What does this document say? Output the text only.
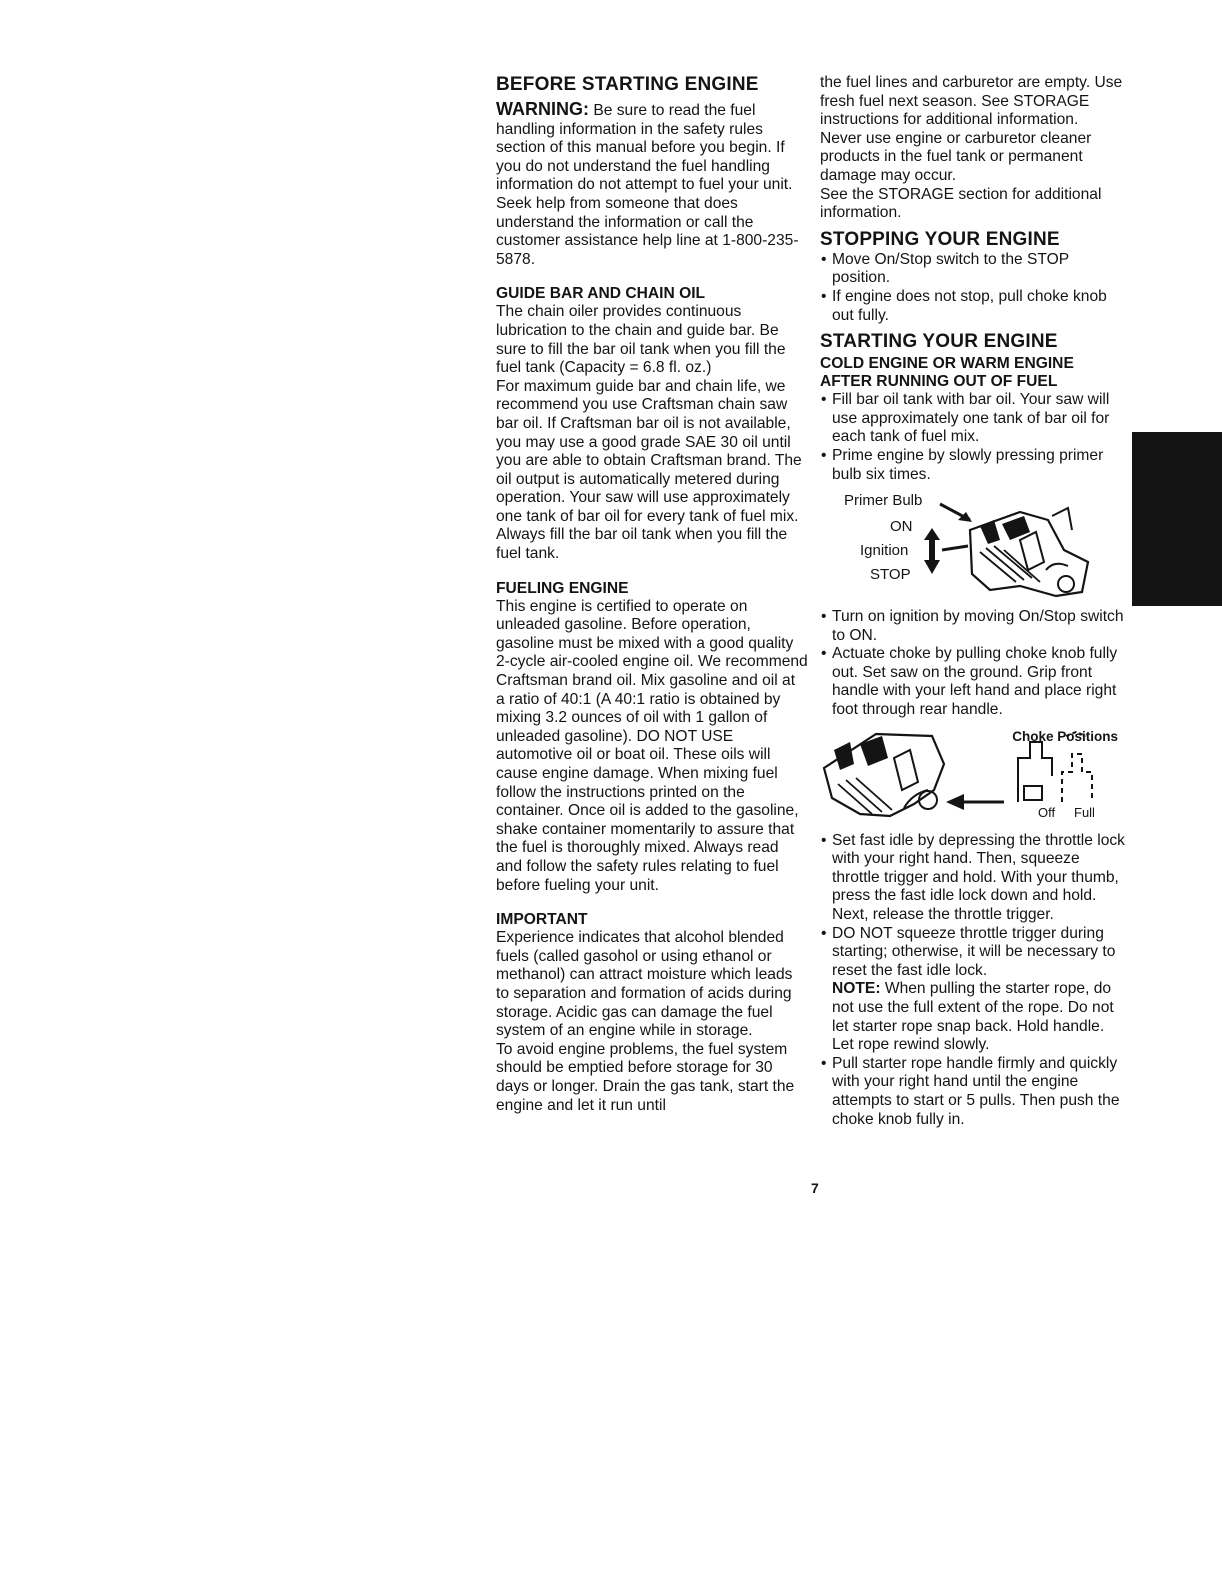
BEFORE STARTING ENGINE

WARNING: Be sure to read the fuel handling information in the safety rules section of this manual before you begin. If you do not understand the fuel handling information do not attempt to fuel your unit. Seek help from someone that does understand the information or call the customer assistance help line at 1-800-235-5878.

GUIDE BAR AND CHAIN OIL

The chain oiler provides continuous lubrication to the chain and guide bar. Be sure to fill the bar oil tank when you fill the fuel tank (Capacity = 6.8 fl. oz.)

For maximum guide bar and chain life, we recommend you use Craftsman chain saw bar oil. If Craftsman bar oil is not available, you may use a good grade SAE 30 oil until you are able to obtain Craftsman brand. The oil output is automatically metered during operation. Your saw will use approximately one tank of bar oil for every tank of fuel mix. Always fill the bar oil tank when you fill the fuel tank.

FUELING ENGINE

This engine is certified to operate on unleaded gasoline. Before operation, gasoline must be mixed with a good quality 2-cycle air-cooled engine oil. We recommend Craftsman brand oil. Mix gasoline and oil at a ratio of 40:1 (A 40:1 ratio is obtained by mixing 3.2 ounces of oil with 1 gallon of unleaded gasoline). DO NOT USE automotive oil or boat oil. These oils will cause engine damage. When mixing fuel follow the instructions printed on the container. Once oil is added to the gasoline, shake container momentarily to assure that the fuel is thoroughly mixed. Always read and follow the safety rules relating to fuel before fueling your unit.

IMPORTANT

Experience indicates that alcohol blended fuels (called gasohol or using ethanol or methanol) can attract moisture which leads to separation and formation of acids during storage. Acidic gas can damage the fuel system of an engine while in storage.

To avoid engine problems, the fuel system should be emptied before storage for 30 days or longer. Drain the gas tank, start the engine and let it run until

the fuel lines and carburetor are empty. Use fresh fuel next season. See STORAGE instructions for additional information.

Never use engine or carburetor cleaner products in the fuel tank or permanent damage may occur.

See the STORAGE section for additional information.

STOPPING YOUR ENGINE
• Move On/Stop switch to the STOP position.
• If engine does not stop, pull choke knob out fully.
STARTING YOUR ENGINE
COLD ENGINE OR WARM ENGINE AFTER RUNNING OUT OF FUEL
• Fill bar oil tank with bar oil. Your saw will use approximately one tank of bar oil for each tank of fuel mix.
• Prime engine by slowly pressing primer bulb six times.
Primer Bulb
ON
Ignition
STOP
• Turn on ignition by moving On/Stop switch to ON.
• Actuate choke by pulling choke knob fully out. Set saw on the ground. Grip front handle with your left hand and place right foot through rear handle.
Choke Positions
Off Full
• Set fast idle by depressing the throttle lock with your right hand. Then, squeeze throttle trigger and hold. With your thumb, press the fast idle lock down and hold. Next, release the throttle trigger.
• DO NOT squeeze throttle trigger during starting; otherwise, it will be necessary to reset the fast idle lock.
NOTE: When pulling the starter rope, do not use the full extent of the rope. Do not let starter rope snap back. Hold handle. Let rope rewind slowly.
• Pull starter rope handle firmly and quickly with your right hand until the engine attempts to start or 5 pulls. Then push the choke knob fully in.
7
